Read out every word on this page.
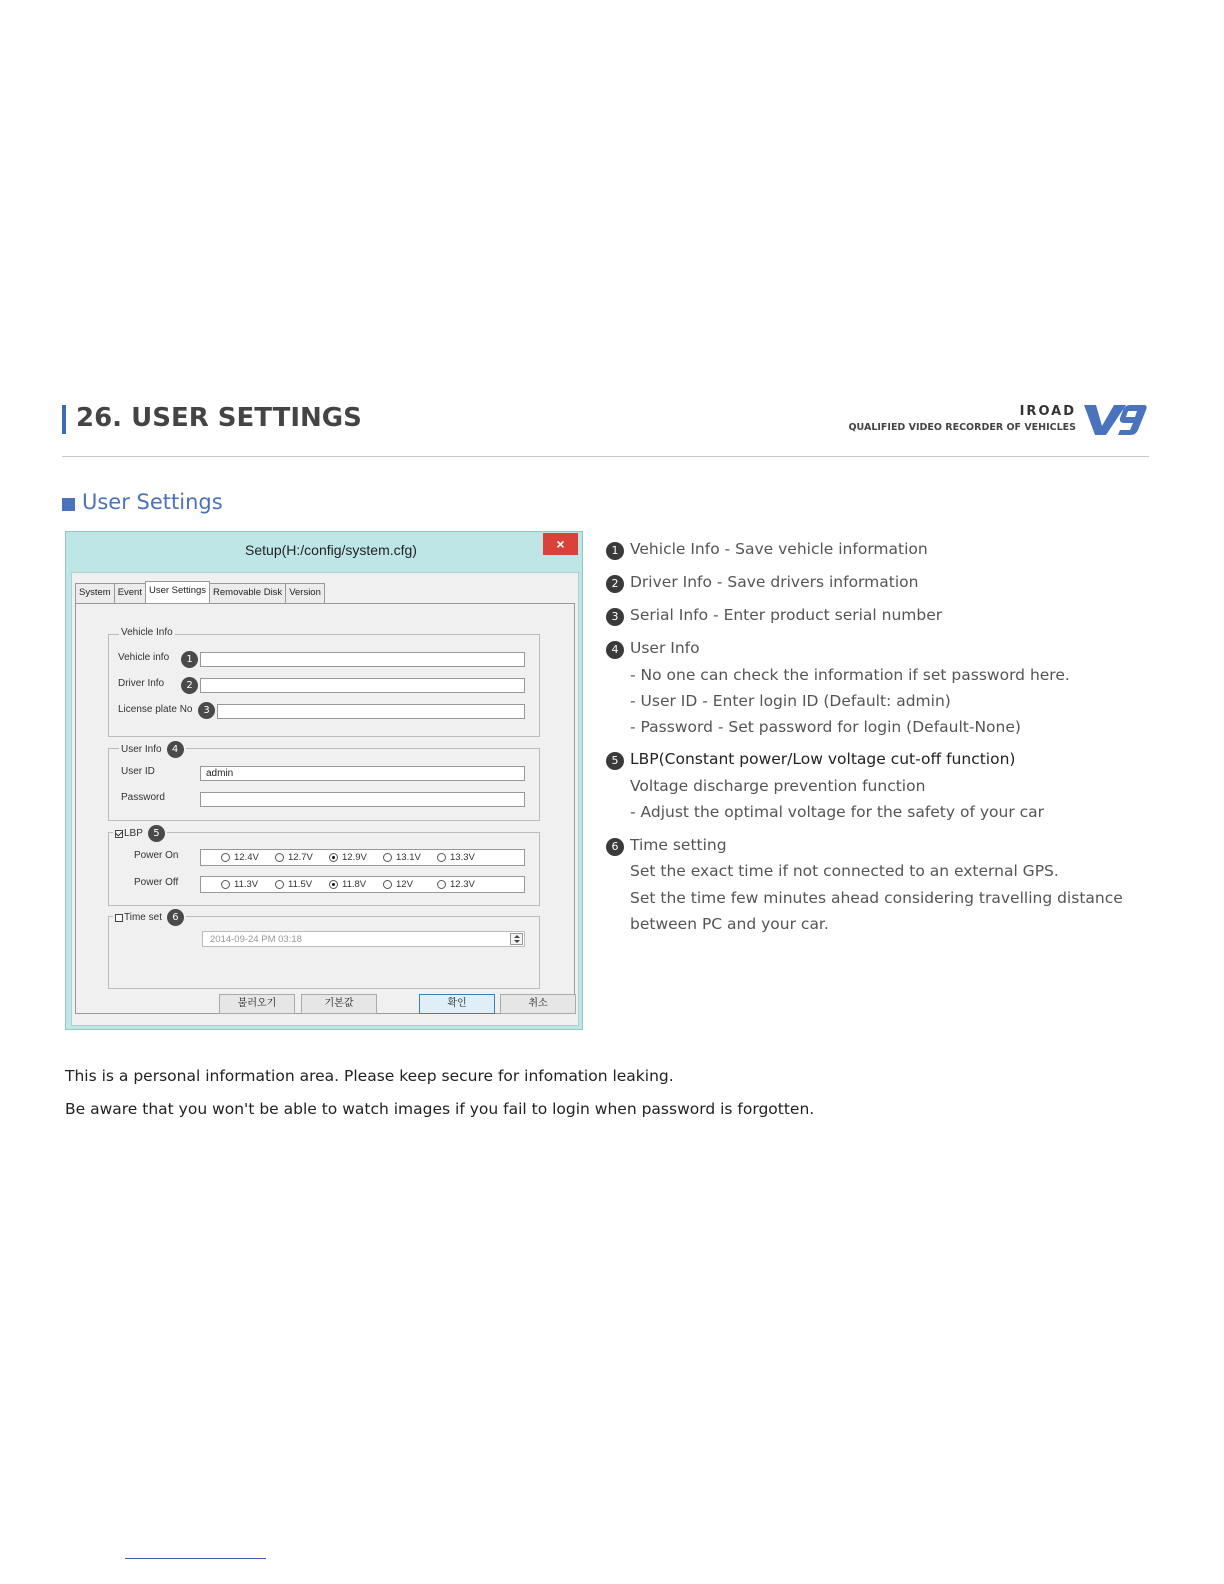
26. USER SETTINGS	IROAD
QUALIFIED VIDEO RECORDER OF VEHICLES
User Settings
Setup(H:/config/system.cfg)	×
System Event User Settings Removable Disk Version
Vehicle Info
Vehicle info	1
Driver Info	2
License plate No	3
User Info	4
User ID
admin
Password
LBP	5
Power On	12.4V	12.7V	12.9V	13.1V	13.3V
Power Off	11.3V	11.5V	11.8V	12V	12.3V
Time set	6
2014-09-24 PM 03:18
불러오기	기본값	확인	취소
1 Vehicle Info - Save vehicle information
2 Driver Info - Save drivers information
3 Serial Info - Enter product serial number
4 User Info
- No one can check the information if set password here.
- User ID - Enter login ID (Default: admin)
- Password - Set password for login (Default-None)
5 LBP(Constant power/Low voltage cut-off function)
Voltage discharge prevention function
- Adjust the optimal voltage for the safety of your car
6 Time setting
Set the exact time if not connected to an external GPS.
Set the time few minutes ahead considering travelling distance
between PC and your car.
This is a personal information area. Please keep secure for infomation leaking.
Be aware that you won't be able to watch images if you fail to login when password is forgotten.
